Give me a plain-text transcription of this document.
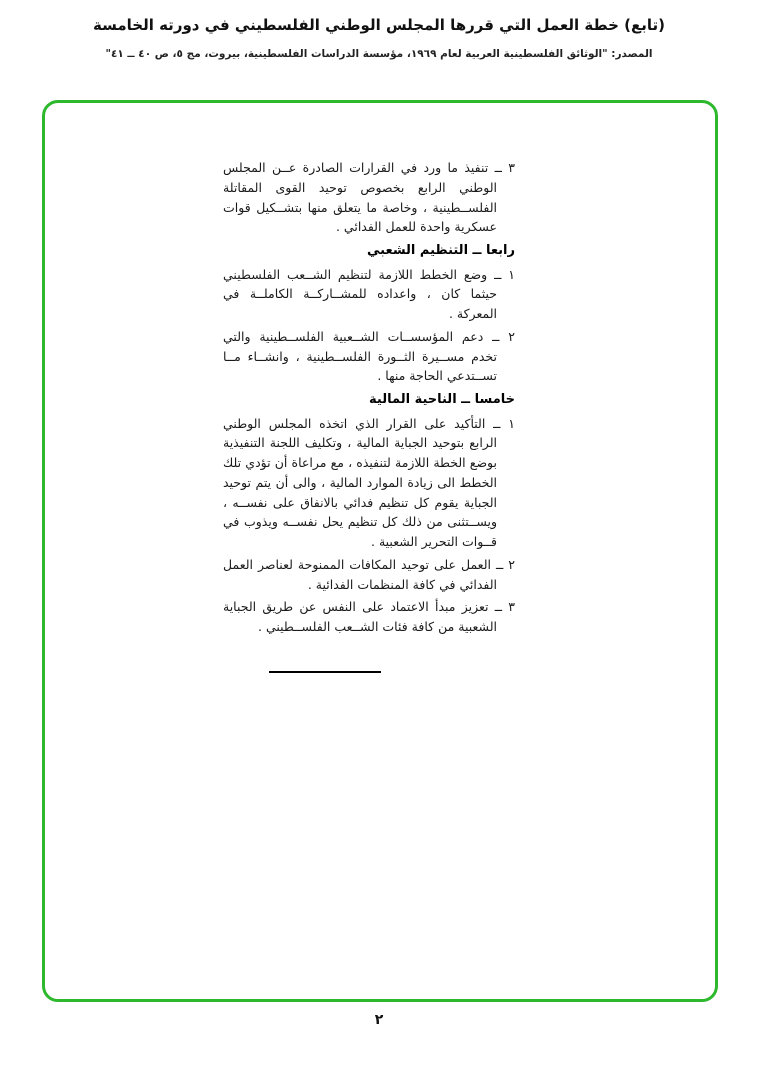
(تابع) خطة العمل التي قررها المجلس الوطني الفلسطيني في دورته الخامسة
المصدر: "الوثائق الفلسطينية العربية لعام ١٩٦٩، مؤسسة الدراسات الفلسطينية، بيروت، مج ٥، ص ٤٠ ــ ٤١"

٣ ــ تنفيذ ما ورد في القرارات الصادرة عــن المجلس الوطني الرابع بخصوص توحيد القوى المقاتلة الفلســطينية ، وخاصة ما يتعلق منها بتشــكيل قوات عسكرية واحدة للعمل الفدائي .

رابعا ــ التنظيم الشعبي

١ ــ وضع الخطط اللازمة لتنظيم الشــعب الفلسطيني حيثما كان ، واعداده للمشــاركــة الكاملــة في المعركة .

٢ ــ دعم المؤسســات الشــعبية الفلســطينية والتي تخدم مســيرة الثــورة الفلســطينية ، وانشــاء مــا تســتدعي الحاجة منها .

خامسا ــ الناحية المالية

١ ــ التأكيد على القرار الذي اتخذه المجلس الوطني الرابع بتوحيد الجباية المالية ، وتكليف اللجنة التنفيذية بوضع الخطة اللازمة لتنفيذه ، مع مراعاة أن تؤدي تلك الخطط الى زيادة الموارد المالية ، والى أن يتم توحيد الجباية يقوم كل تنظيم فدائي بالانفاق على نفســه ، ويســتثنى من ذلك كل تنظيم يحل نفســه ويذوب في قــوات التحرير الشعبية .

٢ ــ العمل على توحيد المكافات الممنوحة لعناصر العمل الفدائي في كافة المنظمات الفدائية .

٣ ــ تعزيز مبدأ الاعتماد على النفس عن طريق الجباية الشعبية من كافة فئات الشــعب الفلســطيني .

٢
